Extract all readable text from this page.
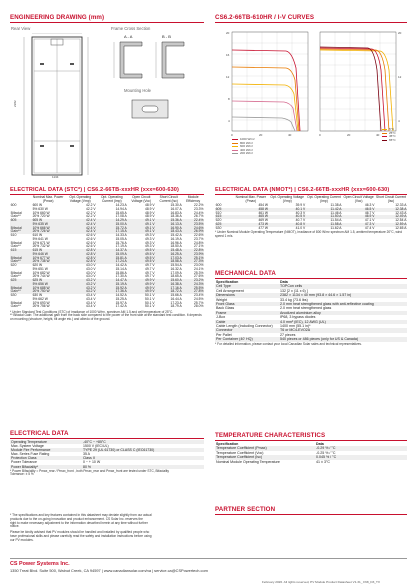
ENGINEERING DRAWING (mm)
Rear View
2382
1134
Frame Cross Section
A - A	B - B
Mounting Hole
CS6.2-66TB-610HR / I-V CURVES
20
16
12
8
4
0	20	40	0	20	40
20
12
4
1000 W/m²
800 W/m²
600 W/m²
400 W/m²
200 W/m²
5°C
25°C
45°C
65°C
ELECTRICAL DATA (STC*) | CS6.2-66TB-xxxHR (xxx=600-630)
	Nominal Max. Power (Pmax)	Opt. Operating Voltage (Vmp)	Opt. Operating Current (Imp)	Open Circuit Voltage (Voc)	Short Circuit Current (Isc)	Module Efficiency
600	600 W	42.2 V	14.23 A	48.9 V	15.30 A	22.2%
	5% 630 W	42.2 V	14.94 A	48.9 V	16.07 A	23.3%
Bifacial	10% 660 W	42.2 V	15.65 A	48.9 V	16.83 A	24.4%
Gain**	20% 720 W	42.2 V	17.08 A	48.9 V	18.36 A	26.7%
605	605 W	42.4 V	14.29 A	49.1 V	15.36 A	22.4%
	5% 635 W	42.4 V	15.00 A	49.1 V	16.13 A	23.5%
Bifacial	10% 666 W	42.4 V	15.72 A	49.1 V	16.90 A	24.6%
Gain**	20% 726 W	42.4 V	17.15 A	49.1 V	18.43 A	26.9%
610	610 W	42.6 V	14.33 A	49.3 V	15.42 A	22.6%
	5% 641 W	42.6 V	15.05 A	49.3 V	16.19 A	23.7%
Bifacial	10% 671 W	42.6 V	15.76 A	49.3 V	16.96 A	24.8%
Gain**	20% 732 W	42.6 V	17.19 A	49.3 V	18.50 A	27.1%
615	615 W	42.8 V	14.37 A	49.5 V	15.48 A	22.8%
	5% 646 W	42.8 V	15.09 A	49.5 V	16.25 A	23.9%
Bifacial	10% 677 W	42.8 V	15.81 A	49.5 V	17.03 A	25.1%
Gain**	20% 738 W	42.8 V	17.24 A	49.5 V	18.58 A	27.3%
620	620 W	43.0 V	14.42 A	49.7 V	15.54 A	23.0%
	5% 651 W	43.0 V	15.14 A	49.7 V	16.32 A	24.1%
Bifacial	10% 682 W	43.0 V	15.86 A	49.7 V	17.09 A	25.3%
Gain**	20% 744 W	43.0 V	17.30 A	49.7 V	18.65 A	27.6%
625	625 W	43.2 V	14.47 A	49.9 V	15.60 A	23.2%
	5% 656 W	43.2 V	15.19 A	49.9 V	16.38 A	24.3%
Bifacial	10% 688 W	43.2 V	15.92 A	49.9 V	17.16 A	25.5%
Gain**	20% 750 W	43.2 V	17.36 A	49.9 V	18.72 A	27.8%
630	630 W	43.4 V	14.52 A	50.1 V	15.66 A	23.4%
	5% 662 W	43.4 V	15.25 A	50.1 V	16.44 A	24.5%
Bifacial	10% 693 W	43.4 V	15.97 A	50.1 V	17.23 A	25.7%
Gain**	20% 756 W	43.4 V	17.42 A	50.1 V	18.79 A	28.0%
* Under Standard Test Conditions (STC) of irradiance of 1000 W/m², spectrum AM 1.5 and cell temperature of 25°C.
** Bifacial Gain: The additional gain from the back side compared to the power of the front side at the standard test condition. It depends on mounting (structure, height, tilt angle etc.) and albedo of the ground.
ELECTRICAL DATA (NMOT*) | CS6.2-66TB-xxxHR (xxx=600-630)
	Nominal Max. Power (Pmax)	Opt. Operating Voltage (Vmp)	Opt. Operating Current (Imp)	Open Circuit Voltage (Voc)	Short Circuit Current (Isc)
600	454 W	39.9 V	11.38 A	46.3 V	12.33 A
605	458 W	40.1 V	11.42 A	46.5 V	12.38 A
610	461 W	40.3 V	11.46 A	46.7 V	12.43 A
615	465 W	40.5 V	11.50 A	46.9 V	12.49 A
620	469 W	40.7 V	11.54 A	47.1 V	12.54 A
625	473 W	40.8 V	11.58 A	47.3 V	12.59 A
630	477 W	41.0 V	11.62 A	47.4 V	12.65 A
* Under Nominal Module Operating Temperature (NMOT), irradiance of 800 W/m² spectrum AM 1.5, ambient temperature 20°C, wind speed 1 m/s.
MECHANICAL DATA
Specification	Data
Cell Type	TOPCon cells
Cell Arrangement	132 [2 x (11 x 6) ]
Dimensions	2382 × 1134 × 40 mm (93.8 × 44.6 × 1.57 in)
Weight	33.4 kg (73.6 lbs)
Front Glass	2.0 mm heat strengthened glass with anti-reflective coating
Back Glass	2.0 mm heat strengthened glass
Frame	Anodized aluminium alloy
J-Box	IP68, 3 bypass diodes
Cable	4.0 mm² (IEC), 12 AWG (UL)
Cable Length (Including Connector)	1400 mm (55.1 in)*
Connector	T6 or MC4-EVO2A
Per Pallet	27 pieces
Per Container (40' HQ)	540 pieces or 486 pieces (only for US & Canada)
* For detailed information, please contact your local Canadian Solar sales and technical representatives.
ELECTRICAL DATA
Operating Temperature	-40°C ~ +85°C
Max. System Voltage	1500 V (IEC/UL)
Module Fire Performance	TYPE 29 (UL 61730) or CLASS C (IEC61730)
Max. Series Fuse Rating	35 A
Protection Class	Class II
Power Tolerance	0 ~ + 10 W
Power Bifaciality*	80 %
* Power Bifaciality = Pmax_rear / Pmax_front , both Pmax_rear and Pmax_front are tested under STC, Bifaciality
Tolerance: ± 5 %
TEMPERATURE CHARACTERISTICS
Specification	Data
Temperature Coefficient (Pmax)	-0.29 % / °C
Temperature Coefficient (Voc)	-0.25 % / °C
Temperature Coefficient (Isc)	0.045 % / °C
Nominal Module Operating Temperature	41 ± 3°C
PARTNER SECTION
* The specifications and key features contained in this datasheet may deviate slightly from our actual
products due to the on-going innovation and product enhancement. CS Solar Inc. reserves the
right to make necessary adjustment to the information described herein at any time without further
notice.
Please be kindly advised that PV modules should be handled and installed by qualified people who
have professional skills and please carefully read the safety and installation instructions before using
our PV modules.
CS Power Systems Inc.
1350 Treat Blvd. Suite 500, Walnut Creek, CA 94597 | www.canadiansolar.com/na | service.ca@CSPowertech.com
February 2026. All rights reserved, PV Module Product Datasheet V1.31_ F68_D3_TX
